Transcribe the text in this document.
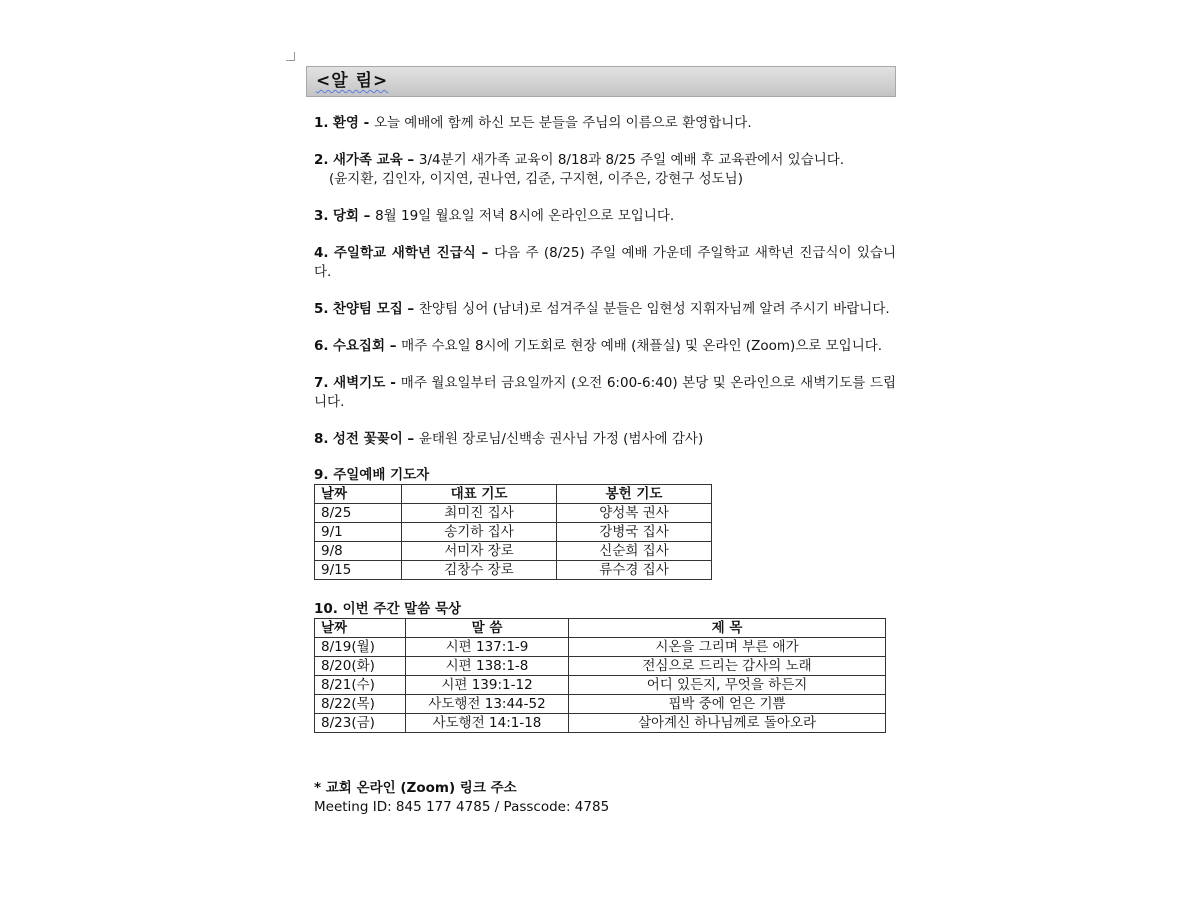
<알 림>
1. 환영 - 오늘 예배에 함께 하신 모든 분들을 주님의 이름으로 환영합니다.
2. 새가족 교육 – 3/4분기 새가족 교육이 8/18과 8/25 주일 예배 후 교육관에서 있습니다.
(윤지환, 김인자, 이지연, 권나연, 김준, 구지현, 이주은, 강현구 성도님)
3. 당회 – 8월 19일 월요일 저녁 8시에 온라인으로 모입니다.
4. 주일학교 새학년 진급식 – 다음 주 (8/25) 주일 예배 가운데 주일학교 새학년 진급식이 있습니다.
5. 찬양팀 모집 – 찬양팀 싱어 (남녀)로 섬겨주실 분들은 임현성 지휘자님께 알려 주시기 바랍니다.
6. 수요집회 – 매주 수요일 8시에 기도회로 현장 예배 (채플실) 및 온라인 (Zoom)으로 모입니다.
7. 새벽기도 - 매주 월요일부터 금요일까지 (오전 6:00-6:40) 본당 및 온라인으로 새벽기도를 드립니다.
8. 성전 꽃꽂이 – 윤태원 장로님/신백송 권사님 가정 (범사에 감사)
9. 주일예배 기도자
날짜	대표 기도	봉헌 기도
8/25	최미진 집사	양성복 권사
9/1	송기하 집사	강병국 집사
9/8	서미자 장로	신순희 집사
9/15	김창수 장로	류수경 집사
10. 이번 주간 말씀 묵상
날짜	말 씀	제 목
8/19(월)	시편 137:1-9	시온을 그리며 부른 애가
8/20(화)	시편 138:1-8	전심으로 드리는 감사의 노래
8/21(수)	시편 139:1-12	어디 있든지, 무엇을 하든지
8/22(목)	사도행전 13:44-52	핍박 중에 얻은 기쁨
8/23(금)	사도행전 14:1-18	살아계신 하나님께로 돌아오라
* 교회 온라인 (Zoom) 링크 주소
Meeting ID: 845 177 4785 / Passcode: 4785
